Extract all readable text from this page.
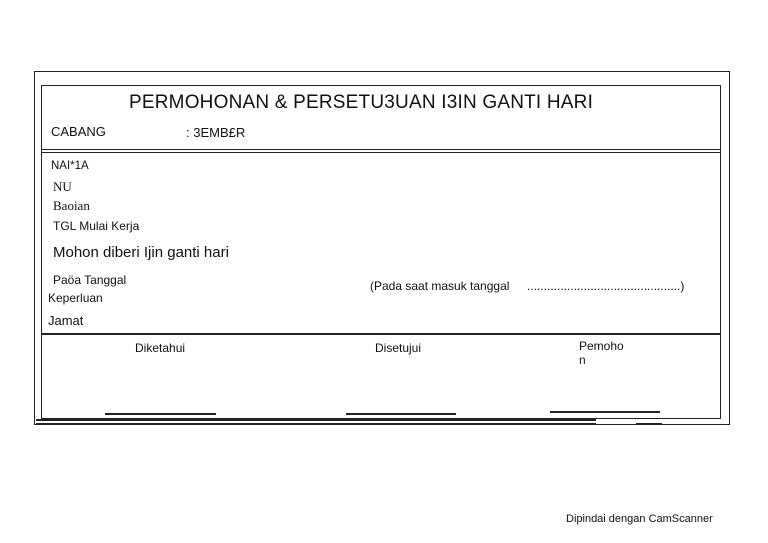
PERMOHONAN & PERSETU3UAN I3IN GANTI HARI
CABANG	: 3EMB£R
NAI*1A
NU
Baoian
TGL Mulai Kerja
Mohon diberi Ijin ganti hari
Paöa Tanggal	(Pada saat masuk tanggal ..............................................)
Keperluan
Jamat
Diketahui	Disetujui	Pemoho
n
Dipindai dengan CamScanner
